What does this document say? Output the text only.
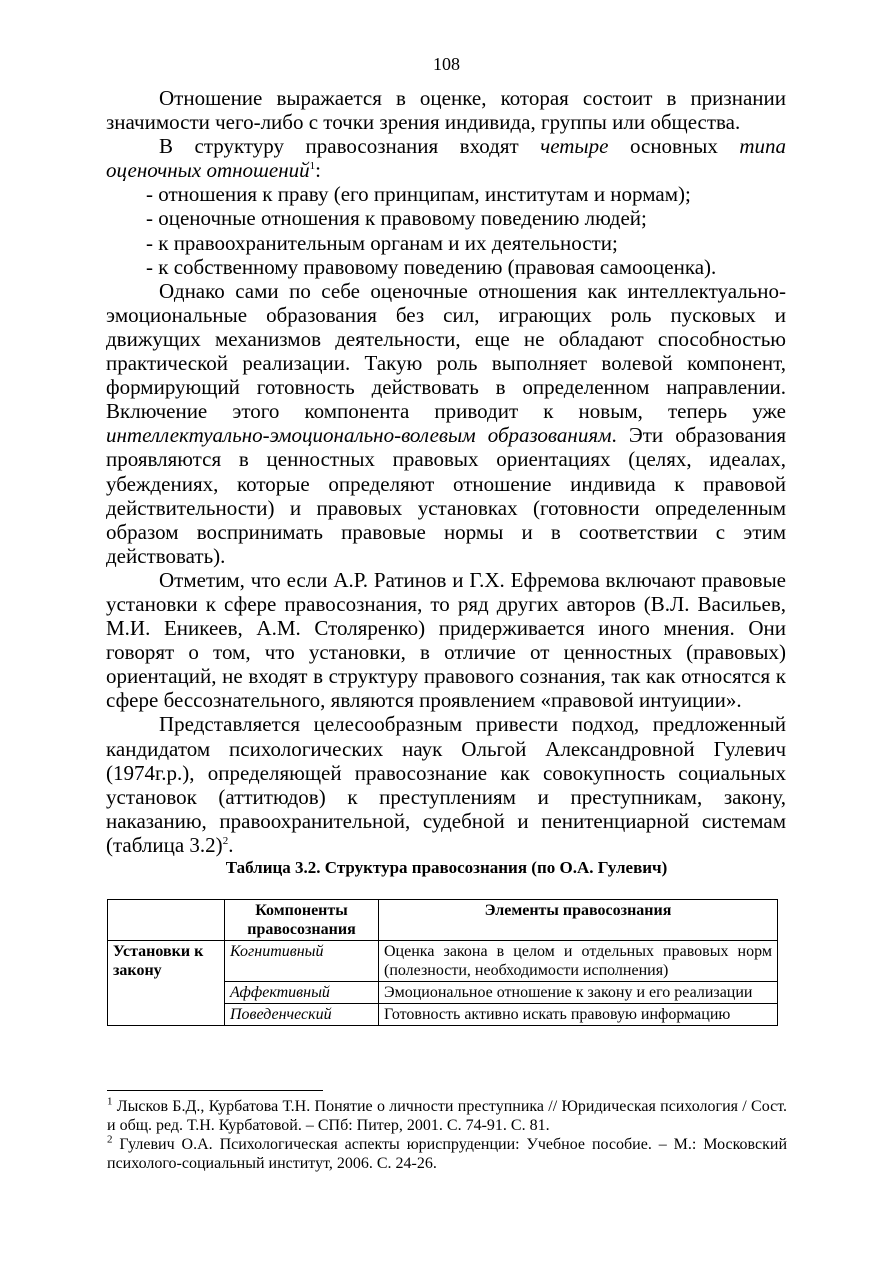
108

Отношение выражается в оценке, которая состоит в признании значимости чего-либо с точки зрения индивида, группы или общества.

В структуру правосознания входят четыре основных типа оценочных отношений$^1$:

- отношения к праву (его принципам, институтам и нормам);
- оценочные отношения к правовому поведению людей;
- к правоохранительным органам и их деятельности;
- к собственному правовому поведению (правовая самооценка).

Однако сами по себе оценочные отношения как интеллектуально-эмоциональные образования без сил, играющих роль пусковых и движущих механизмов деятельности, еще не обладают способностью практической реализации. Такую роль выполняет волевой компонент, формирующий готовность действовать в определенном направлении. Включение этого компонента приводит к новым, теперь уже интеллектуально-эмоционально-волевым образованиям. Эти образования проявляются в ценностных правовых ориентациях (целях, идеалах, убеждениях, которые определяют отношение индивида к правовой действительности) и правовых установках (готовности определенным образом воспринимать правовые нормы и в соответствии с этим действовать).

Отметим, что если А.Р. Ратинов и Г.Х. Ефремова включают правовые установки к сфере правосознания, то ряд других авторов (В.Л. Васильев, М.И. Еникеев, А.М. Столяренко) придерживается иного мнения. Они говорят о том, что установки, в отличие от ценностных (правовых) ориентаций, не входят в структуру правового сознания, так как относятся к сфере бессознательного, являются проявлением «правовой интуиции».

Представляется целесообразным привести подход, предложенный кандидатом психологических наук Ольгой Александровной Гулевич (1974г.р.), определяющей правосознание как совокупность социальных установок (аттитюдов) к преступлениям и преступникам, закону, наказанию, правоохранительной, судебной и пенитенциарной системам (таблица 3.2)$^2$.

Таблица 3.2. Структура правосознания (по О.А. Гулевич)
	Компоненты правосознания	Элементы правосознания
Установки к закону	Когнитивный	Оценка закона в целом и отдельных правовых норм (полезности, необходимости исполнения)
	Аффективный	Эмоциональное отношение к закону и его реализации
	Поведенческий	Готовность активно искать правовую информацию

$^1$ Лысков Б.Д., Курбатова Т.Н. Понятие о личности преступника // Юридическая психология / Сост. и общ. ред. Т.Н. Курбатовой. – СПб: Питер, 2001. С. 74-91. С. 81.

$^2$ Гулевич О.А. Психологическая аспекты юриспруденции: Учебное пособие. – М.: Московский психолого-социальный институт, 2006. С. 24-26.
